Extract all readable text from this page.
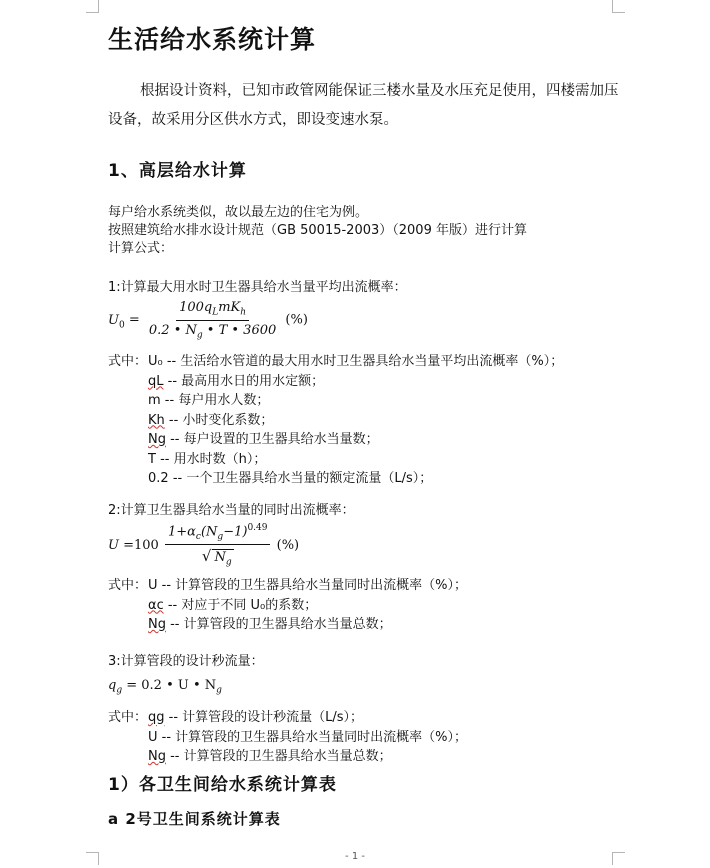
生活给水系统计算
根据设计资料，已知市政管网能保证三楼水量及水压充足使用，四楼需加压
设备，故采用分区供水方式，即设变速水泵。
1、高层给水计算
每户给水系统类似，故以最左边的住宅为例。
按照建筑给水排水设计规范（GB 50015-2003）（2009 年版）进行计算
计算公式：
1:计算最大用水时卫生器具给水当量平均出流概率：
$U_0 = \frac{100q_LmK_h}{0.2 • N_g • T • 3600}$ (%)
式中：U₀ -- 生活给水管道的最大用水时卫生器具给水当量平均出流概率（%）；
qL -- 最高用水日的用水定额；
m -- 每户用水人数；
Kh -- 小时变化系数；
Ng -- 每户设置的卫生器具给水当量数；
T -- 用水时数（h）；
0.2 -- 一个卫生器具给水当量的额定流量（L/s）；
2:计算卫生器具给水当量的同时出流概率：
$U =100 \frac{1+\alpha_c(N_g-1)^{0.49}}{√ N_g}$ (%)
式中：U -- 计算管段的卫生器具给水当量同时出流概率（%）；
αc -- 对应于不同 U₀的系数；
Ng -- 计算管段的卫生器具给水当量总数；
3:计算管段的设计秒流量：
$q_g = 0.2$ • U • $N_g$
式中：qg -- 计算管段的设计秒流量（L/s）；
U -- 计算管段的卫生器具给水当量同时出流概率（%）；
Ng -- 计算管段的卫生器具给水当量总数；
1）各卫生间给水系统计算表
a 2号卫生间系统计算表
- 1 -
